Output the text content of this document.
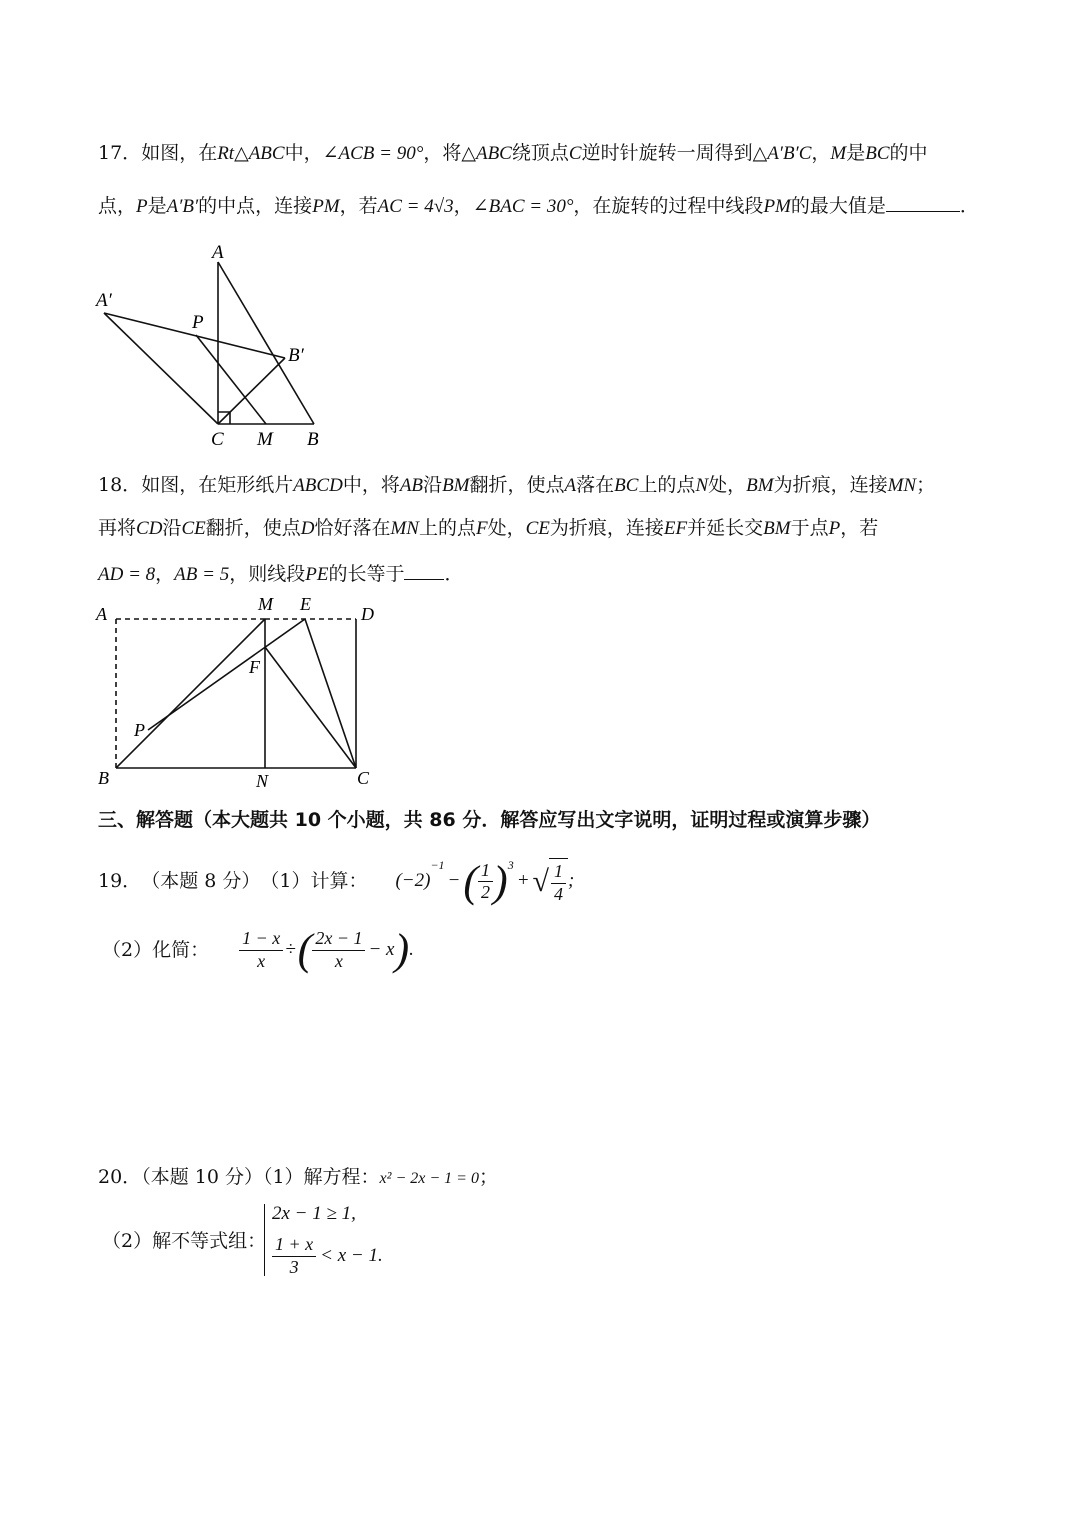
17．如图，在Rt△ABC中，∠ACB = 90°，将△ABC绕顶点C逆时针旋转一周得到△A′B′C，M是BC的中
点，P是A′B′的中点，连接PM，若AC = 4√3，∠BAC = 30°，在旋转的过程中线段PM的最大值是	．
A
A′
P
B′
C M B
18．如图，在矩形纸片ABCD中，将AB沿BM翻折，使点A落在BC上的点N处，BM为折痕，连接MN；
再将CD沿CE翻折，使点D恰好落在MN上的点F处，CE为折痕，连接EF并延长交BM于点P，若
AD = 8，AB = 5，则线段PE的长等于 ．
A	M E	D
F
P
B	N	C
三、解答题（本大题共 10 个小题，共 86 分．解答应写出文字说明，证明过程或演算步骤）
19． （本题 8 分） （1）计算： (−2)
−1
− ( $\frac{1}{2}$ ) 3
+ √ $\frac{1}{4}$ ;
（2）化简： $\frac{1 - x}{x}$ ÷ ( $\frac{2x - 1}{x} - x$ ) .
20．（本题 10 分）（1）解方程：x² − 2x − 1 = 0；
（2）解不等式组：
2x − 1 ≥ 1,
$\frac{1 + x}{3} < x - 1$.
